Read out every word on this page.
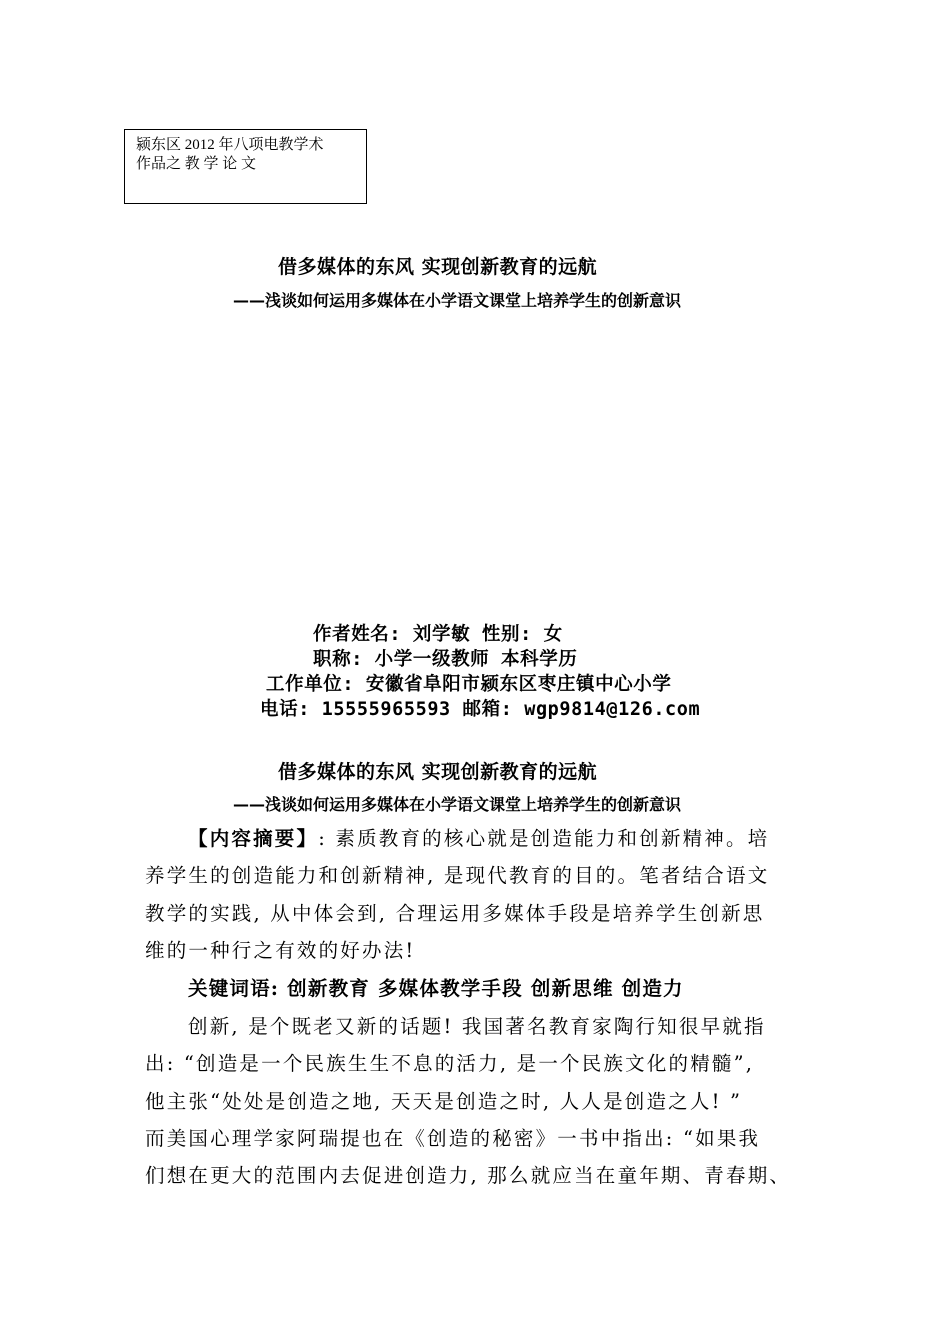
颍东区 2012 年八项电教学术
作品之 教 学 论 文
借多媒体的东风 实现创新教育的远航
——浅谈如何运用多媒体在小学语文课堂上培养学生的创新意识
作者姓名: 刘学敏 性别: 女
职称: 小学一级教师 本科学历
工作单位: 安徽省阜阳市颍东区枣庄镇中心小学
电话: 15555965593 邮箱: wgp9814@126.com
借多媒体的东风 实现创新教育的远航
——浅谈如何运用多媒体在小学语文课堂上培养学生的创新意识
【内容摘要】: 素质教育的核心就是创造能力和创新精神。培
养学生的创造能力和创新精神, 是现代教育的目的。笔者结合语文
教学的实践, 从中体会到, 合理运用多媒体手段是培养学生创新思
维的一种行之有效的好办法!
关键词语: 创新教育 多媒体教学手段 创新思维 创造力
创新, 是个既老又新的话题! 我国著名教育家陶行知很早就指
出: “创造是一个民族生生不息的活力, 是一个民族文化的精髓”,
他主张“处处是创造之地, 天天是创造之时, 人人是创造之人! ”
而美国心理学家阿瑞提也在《创造的秘密》一书中指出: “如果我
们想在更大的范围内去促进创造力, 那么就应当在童年期、青春期、
